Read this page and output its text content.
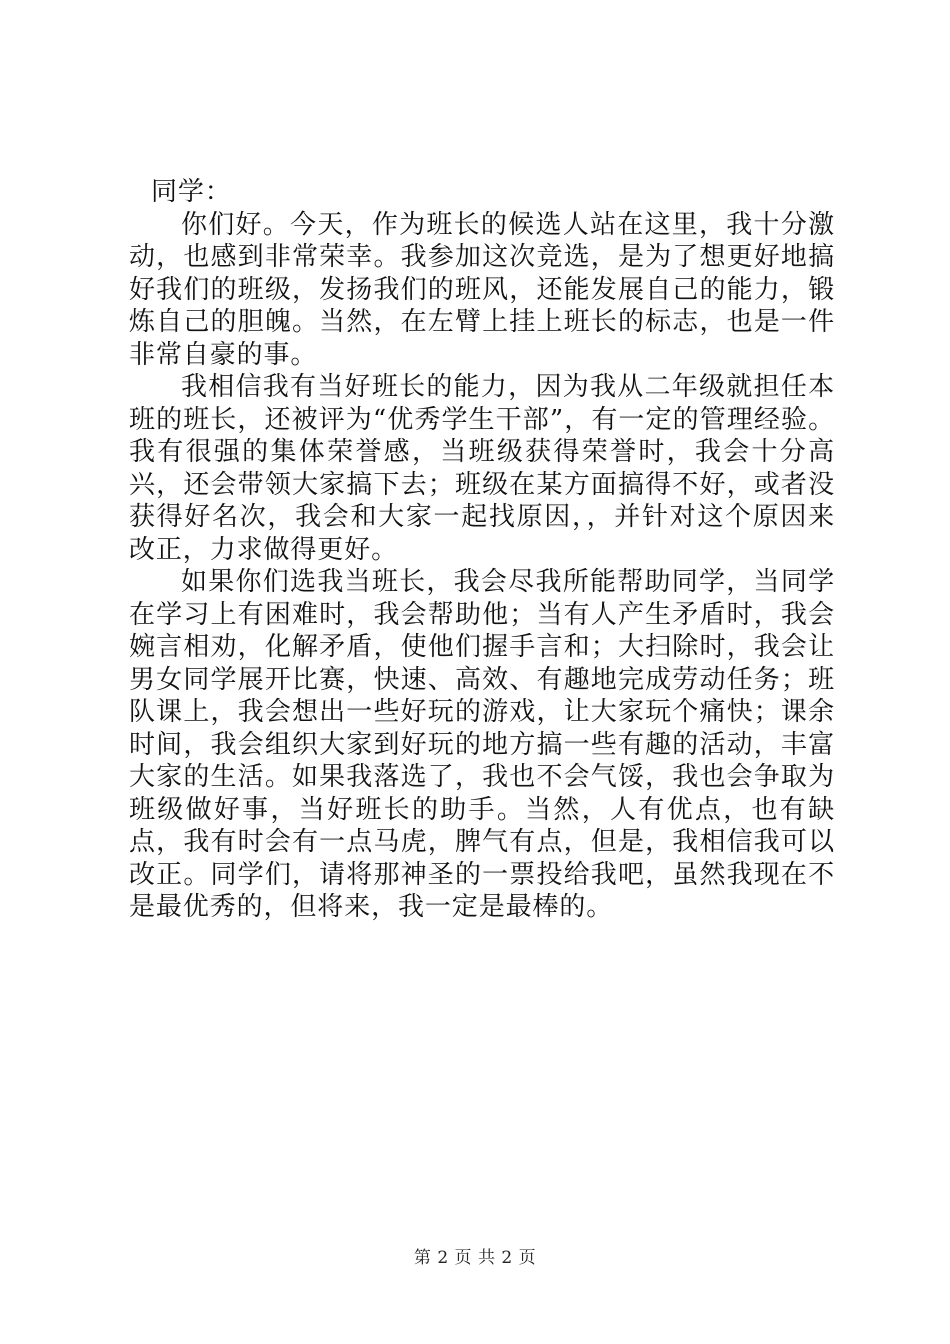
同学：

你们好。今天，作为班长的候选人站在这里，我十分激动，也感到非常荣幸。我参加这次竞选，是为了想更好地搞好我们的班级，发扬我们的班风，还能发展自己的能力，锻炼自己的胆魄。当然，在左臂上挂上班长的标志，也是一件非常自豪的事。

我相信我有当好班长的能力，因为我从二年级就担任本班的班长，还被评为“优秀学生干部”，有一定的管理经验。我有很强的集体荣誉感，当班级获得荣誉时，我会十分高兴，还会带领大家搞下去；班级在某方面搞得不好，或者没获得好名次，我会和大家一起找原因，，并针对这个原因来改正，力求做得更好。

如果你们选我当班长，我会尽我所能帮助同学，当同学在学习上有困难时，我会帮助他；当有人产生矛盾时，我会婉言相劝，化解矛盾，使他们握手言和；大扫除时，我会让男女同学展开比赛，快速、高效、有趣地完成劳动任务；班队课上，我会想出一些好玩的游戏，让大家玩个痛快；课余时间，我会组织大家到好玩的地方搞一些有趣的活动，丰富大家的生活。如果我落选了，我也不会气馁，我也会争取为班级做好事，当好班长的助手。当然，人有优点，也有缺点，我有时会有一点马虎，脾气有点，但是，我相信我可以改正。同学们，请将那神圣的一票投给我吧，虽然我现在不是最优秀的，但将来，我一定是最棒的。

第 2 页 共 2 页
